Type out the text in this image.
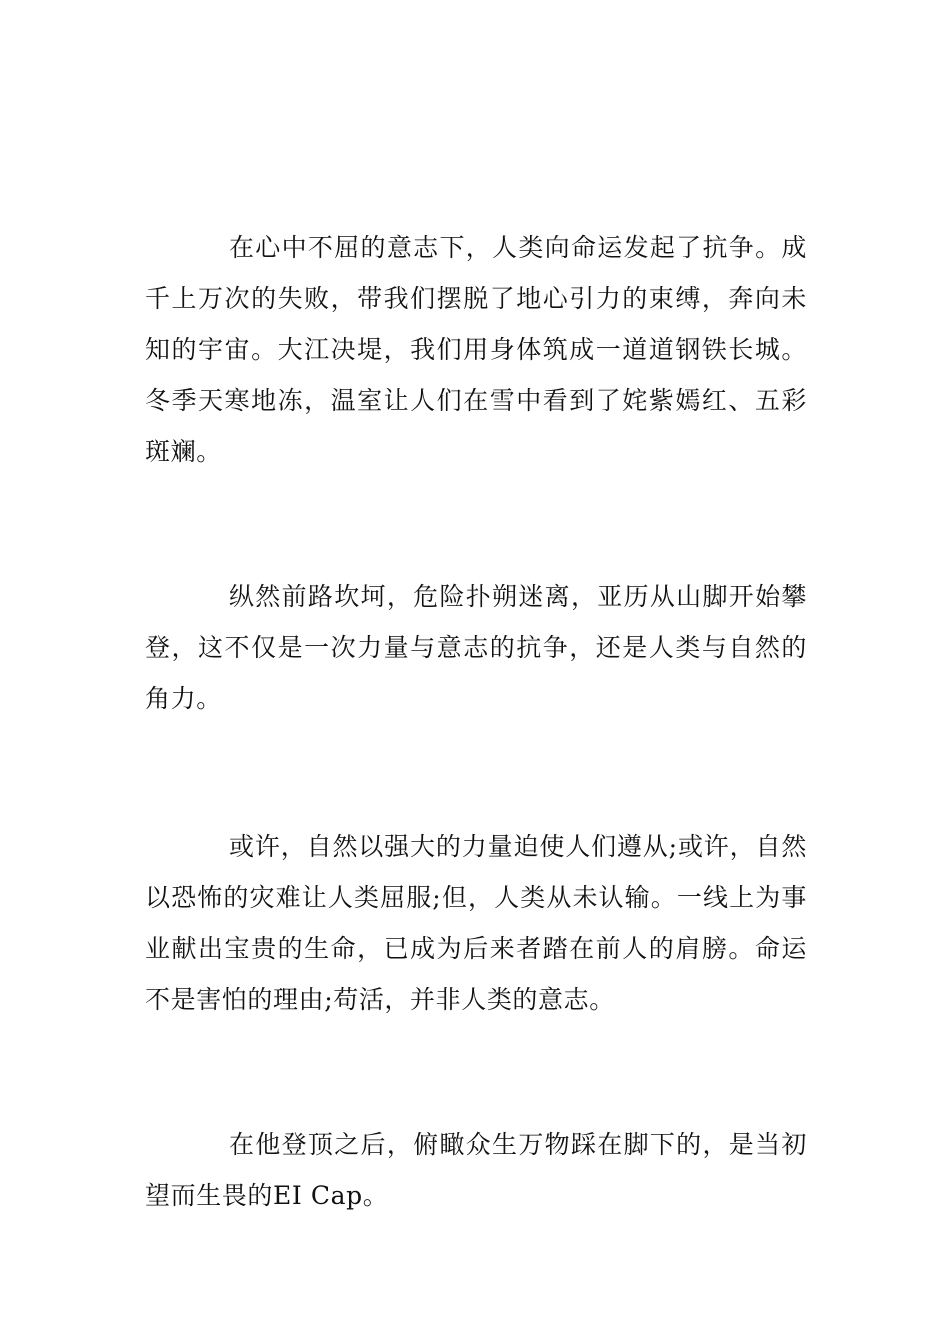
在心中不屈的意志下，人类向命运发起了抗争。成千上万次的失败，带我们摆脱了地心引力的束缚，奔向未知的宇宙。大江决堤，我们用身体筑成一道道钢铁长城。冬季天寒地冻，温室让人们在雪中看到了姹紫嫣红、五彩斑斓。

纵然前路坎坷，危险扑朔迷离，亚历从山脚开始攀登，这不仅是一次力量与意志的抗争，还是人类与自然的角力。

或许，自然以强大的力量迫使人们遵从;或许，自然以恐怖的灾难让人类屈服;但，人类从未认输。一线上为事业献出宝贵的生命，已成为后来者踏在前人的肩膀。命运不是害怕的理由;苟活，并非人类的意志。

在他登顶之后，俯瞰众生万物踩在脚下的，是当初望而生畏的EI Cap。
